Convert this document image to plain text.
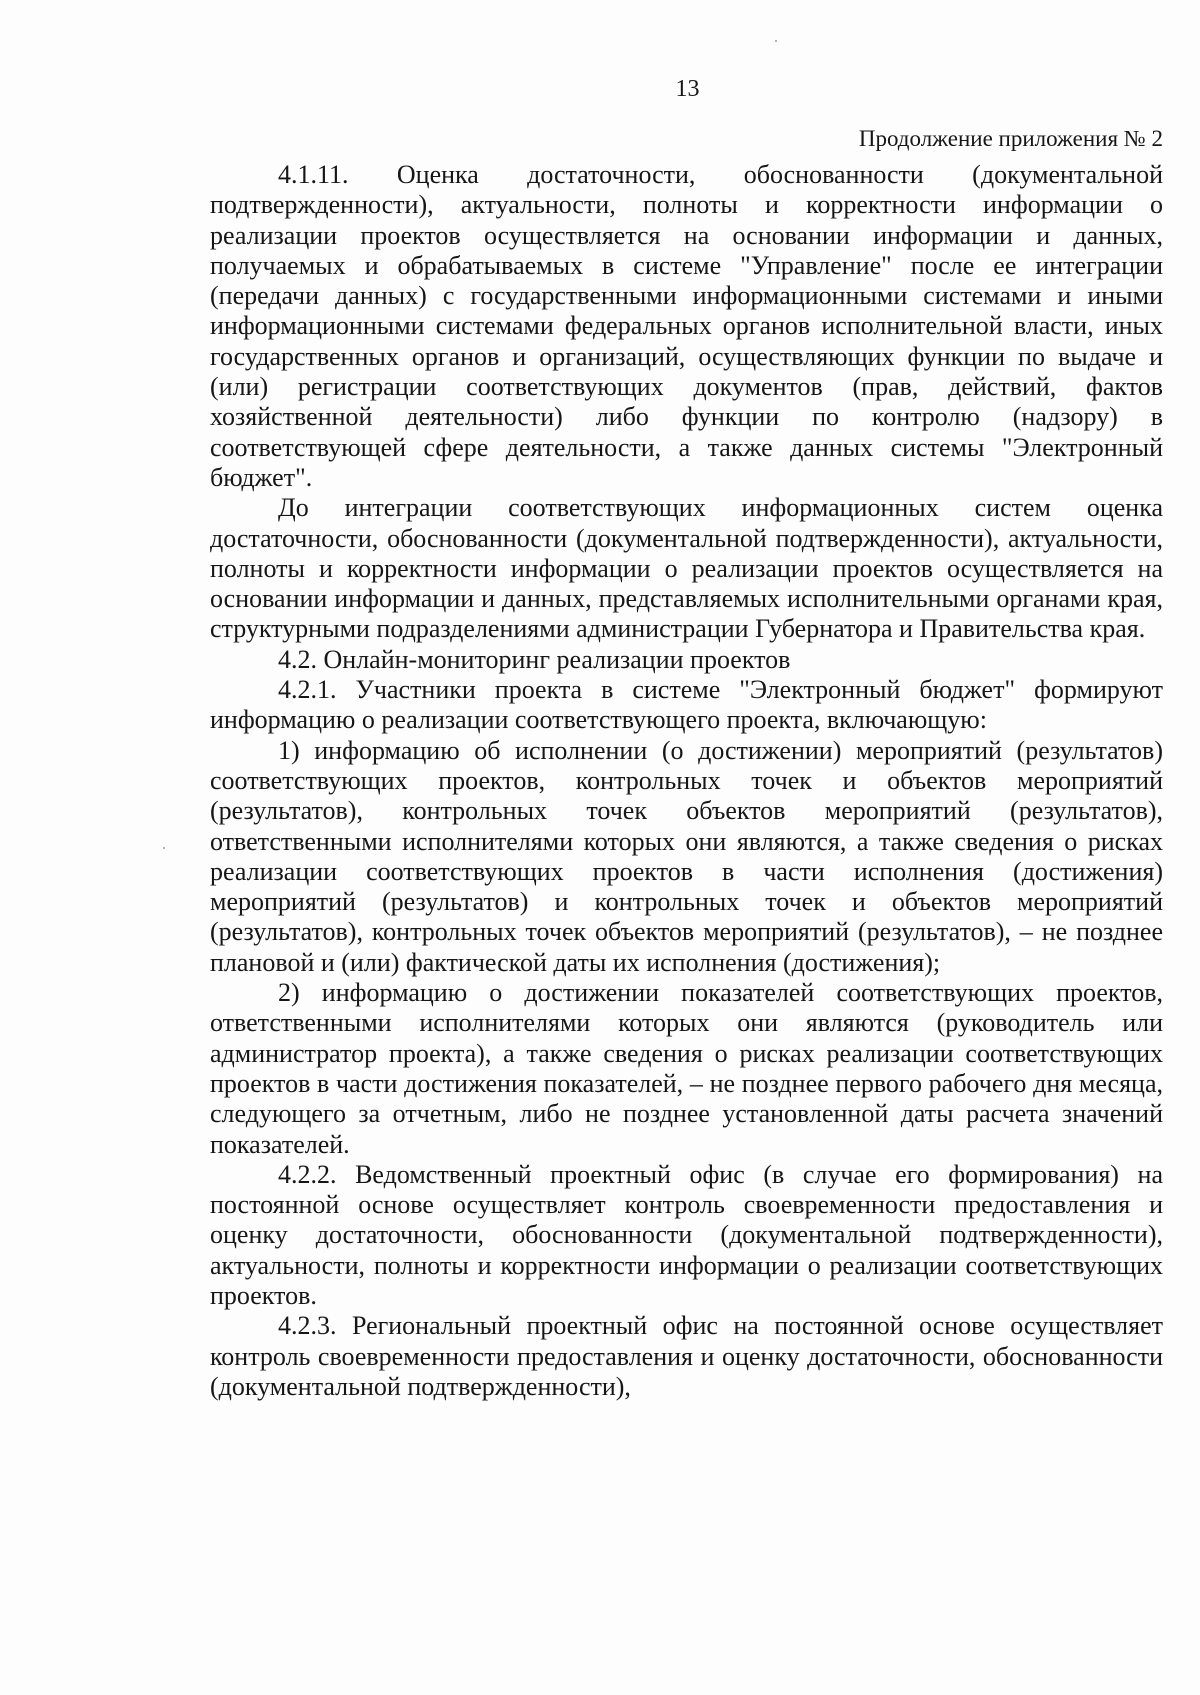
13
Продолжение приложения № 2

4.1.11. Оценка достаточности, обоснованности (документальной подтвержденности), актуальности, полноты и корректности информации о реализации проектов осуществляется на основании информации и данных, получаемых и обрабатываемых в системе "Управление" после ее интеграции (передачи данных) с государственными информационными системами и иными информационными системами федеральных органов исполнительной власти, иных государственных органов и организаций, осуществляющих функции по выдаче и (или) регистрации соответствующих документов (прав, действий, фактов хозяйственной деятельности) либо функции по контролю (надзору) в соответствующей сфере деятельности, а также данных системы "Электронный бюджет".

До интеграции соответствующих информационных систем оценка достаточности, обоснованности (документальной подтвержденности), актуальности, полноты и корректности информации о реализации проектов осуществляется на основании информации и данных, представляемых исполнительными органами края, структурными подразделениями администрации Губернатора и Правительства края.

4.2. Онлайн-мониторинг реализации проектов

4.2.1. Участники проекта в системе "Электронный бюджет" формируют информацию о реализации соответствующего проекта, включающую:

1) информацию об исполнении (о достижении) мероприятий (результатов) соответствующих проектов, контрольных точек и объектов мероприятий (результатов), контрольных точек объектов мероприятий (результатов), ответственными исполнителями которых они являются, а также сведения о рисках реализации соответствующих проектов в части исполнения (достижения) мероприятий (результатов) и контрольных точек и объектов мероприятий (результатов), контрольных точек объектов мероприятий (результатов), – не позднее плановой и (или) фактической даты их исполнения (достижения);

2) информацию о достижении показателей соответствующих проектов, ответственными исполнителями которых они являются (руководитель или администратор проекта), а также сведения о рисках реализации соответствующих проектов в части достижения показателей, – не позднее первого рабочего дня месяца, следующего за отчетным, либо не позднее установленной даты расчета значений показателей.

4.2.2. Ведомственный проектный офис (в случае его формирования) на постоянной основе осуществляет контроль своевременности предоставления и оценку достаточности, обоснованности (документальной подтвержденности), актуальности, полноты и корректности информации о реализации соответствующих проектов.

4.2.3. Региональный проектный офис на постоянной основе осуществляет контроль своевременности предоставления и оценку достаточности, обоснованности (документальной подтвержденности),
